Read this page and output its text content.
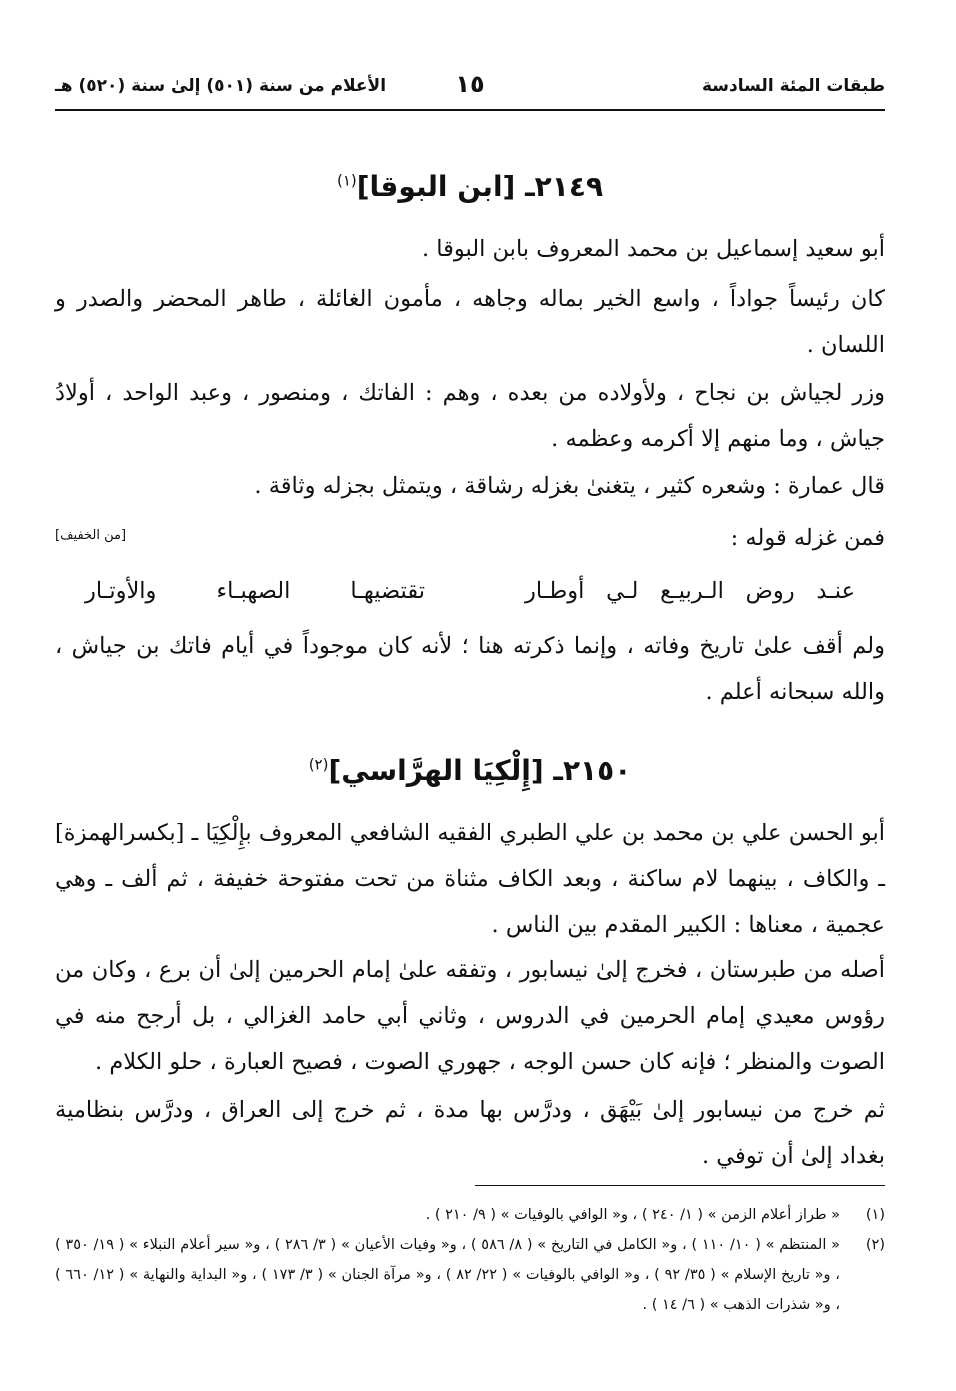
طبقات المئة السادسة
١٥
الأعلام من سنة (٥٠١) إلىٰ سنة (٥٢٠) هـ
٢١٤٩ـ [ابن البوقا]$^{(١)}$

أبو سعيد إسماعيل بن محمد المعروف بابن البوقا .

كان رئيساً جواداً ، واسع الخير بماله وجاهه ، مأمون الغائلة ، طاهر المحضر والصدر و اللسان .

وزر لجياش بن نجاح ، ولأولاده من بعده ، وهم : الفاتك ، ومنصور ، وعبد الواحد ، أولادُ جياش ، وما منهم إلا أكرمه وعظمه .

قال عمارة : وشعره كثير ، يتغنىٰ بغزله رشاقة ، ويتمثل بجزله وثاقة .

فمن غزله قوله :

[من الخفيف]
عنـد روض الـربيـع لـي أوطـار
تقتضيهـا الصهبـاء والأوتـار

ولم أقف علىٰ تاريخ وفاته ، وإنما ذكرته هنا ؛ لأنه كان موجوداً في أيام فاتك بن جياش ، والله سبحانه أعلم .

٢١٥٠ـ [إِلْكِيَا الهرَّاسي]$^{(٢)}$

أبو الحسن علي بن محمد بن علي الطبري الفقيه الشافعي المعروف بإِلْكِيَا ـ [بكسرالهمزة] ـ والكاف ، بينهما لام ساكنة ، وبعد الكاف مثناة من تحت مفتوحة خفيفة ، ثم ألف ـ وهي عجمية ، معناها : الكبير المقدم بين الناس .

أصله من طبرستان ، فخرج إلىٰ نيسابور ، وتفقه علىٰ إمام الحرمين إلىٰ أن برع ، وكان من رؤوس معيدي إمام الحرمين في الدروس ، وثاني أبي حامد الغزالي ، بل أرجح منه في الصوت والمنظر ؛ فإنه كان حسن الوجه ، جهوري الصوت ، فصيح العبارة ، حلو الكلام .

ثم خرج من نيسابور إلىٰ بَيْهَق ، ودرَّس بها مدة ، ثم خرج إلى العراق ، ودرَّس بنظامية بغداد إلىٰ أن توفي .

(١)
« طراز أعلام الزمن » ( ١/ ٢٤٠ ) ، و« الوافي بالوفيات » ( ٩/ ٢١٠ ) .
(٢)
« المنتظم » ( ١٠/ ١١٠ ) ، و« الكامل في التاريخ » ( ٨/ ٥٨٦ ) ، و« وفيات الأعيان » ( ٣/ ٢٨٦ ) ، و« سير أعلام النبلاء » ( ١٩/ ٣٥٠ ) ، و« تاريخ الإسلام » ( ٣٥/ ٩٢ ) ، و« الوافي بالوفيات » ( ٢٢/ ٨٢ ) ، و« مرآة الجنان » ( ٣/ ١٧٣ ) ، و« البداية والنهاية » ( ١٢/ ٦٦٠ ) ، و« شذرات الذهب » ( ٦/ ١٤ ) .
